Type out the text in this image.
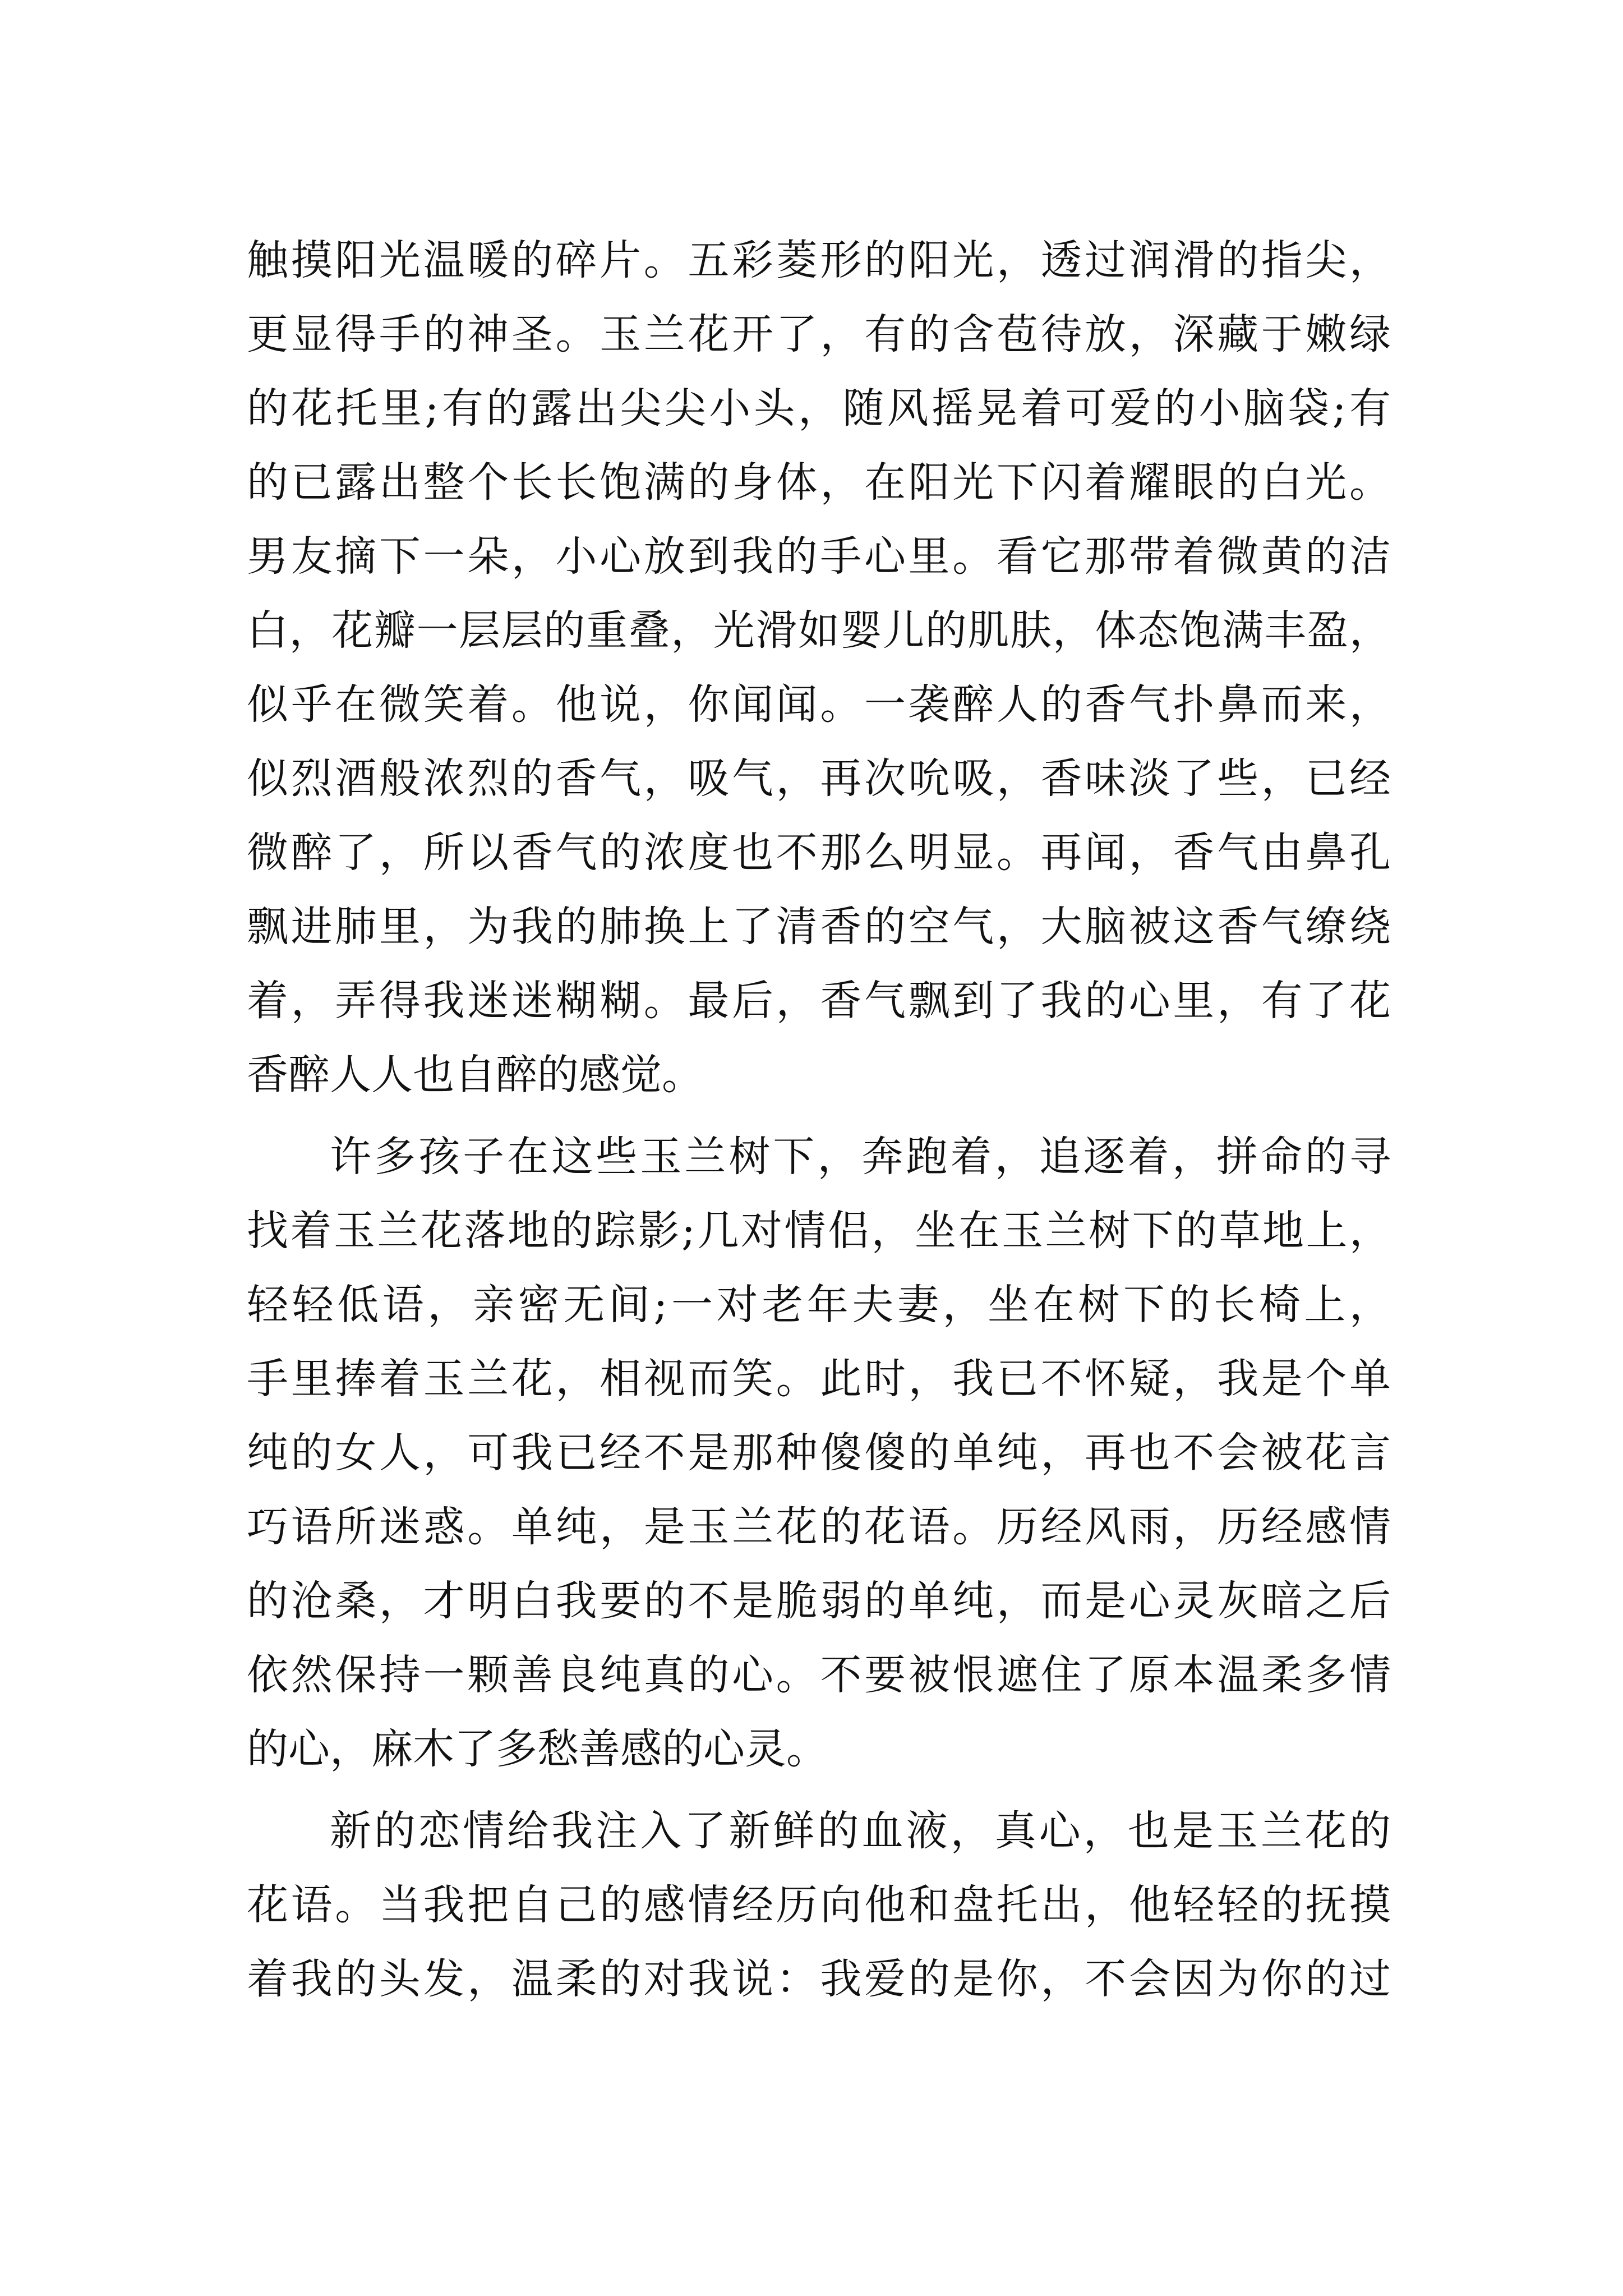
触摸阳光温暖的碎片。五彩菱形的阳光，透过润滑的指尖，
更显得手的神圣。玉兰花开了，有的含苞待放，深藏于嫩绿
的花托里;有的露出尖尖小头，随风摇晃着可爱的小脑袋;有
的已露出整个长长饱满的身体，在阳光下闪着耀眼的白光。
男友摘下一朵，小心放到我的手心里。看它那带着微黄的洁
白，花瓣一层层的重叠，光滑如婴儿的肌肤，体态饱满丰盈，
似乎在微笑着。他说，你闻闻。一袭醉人的香气扑鼻而来，
似烈酒般浓烈的香气，吸气，再次吮吸，香味淡了些，已经
微醉了，所以香气的浓度也不那么明显。再闻，香气由鼻孔
飘进肺里，为我的肺换上了清香的空气，大脑被这香气缭绕
着，弄得我迷迷糊糊。最后，香气飘到了我的心里，有了花
香醉人人也自醉的感觉。
许多孩子在这些玉兰树下，奔跑着，追逐着，拼命的寻
找着玉兰花落地的踪影;几对情侣，坐在玉兰树下的草地上，
轻轻低语，亲密无间;一对老年夫妻，坐在树下的长椅上，
手里捧着玉兰花，相视而笑。此时，我已不怀疑，我是个单
纯的女人，可我已经不是那种傻傻的单纯，再也不会被花言
巧语所迷惑。单纯，是玉兰花的花语。历经风雨，历经感情
的沧桑，才明白我要的不是脆弱的单纯，而是心灵灰暗之后
依然保持一颗善良纯真的心。不要被恨遮住了原本温柔多情
的心，麻木了多愁善感的心灵。
新的恋情给我注入了新鲜的血液，真心，也是玉兰花的
花语。当我把自己的感情经历向他和盘托出，他轻轻的抚摸
着我的头发，温柔的对我说：我爱的是你，不会因为你的过
